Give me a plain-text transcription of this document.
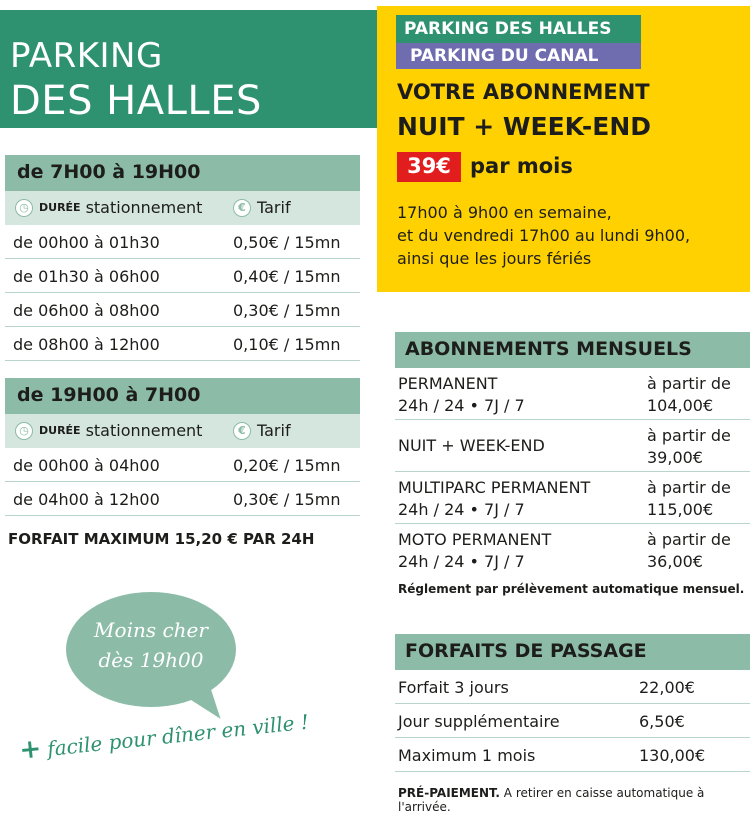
PARKING
DES HALLES
de 7H00 à 19H00
◷ DURÉE stationnement	€ Tarif
de 00h00 à 01h30	0,50€ / 15mn
de 01h30 à 06h00	0,40€ / 15mn
de 06h00 à 08h00	0,30€ / 15mn
de 08h00 à 12h00	0,10€ / 15mn
de 19H00 à 7H00
◷ DURÉE stationnement	€ Tarif
de 00h00 à 04h00	0,20€ / 15mn
de 04h00 à 12h00	0,30€ / 15mn
FORFAIT MAXIMUM 15,20 € PAR 24H
Moins cher
dès 19h00
+ facile pour dîner en ville !
PARKING DES HALLES
PARKING DU CANAL
VOTRE ABONNEMENT
NUIT + WEEK-END
39€ par mois
17h00 à 9h00 en semaine,
et du vendredi 17h00 au lundi 9h00,
ainsi que les jours fériés
ABONNEMENTS MENSUELS
PERMANENT
24h / 24 • 7J / 7
à partir de
104,00€
NUIT + WEEK-END
à partir de
39,00€
MULTIPARC PERMANENT
24h / 24 • 7J / 7
à partir de
115,00€
MOTO PERMANENT
24h / 24 • 7J / 7
à partir de
36,00€
Réglement par prélèvement automatique mensuel.
FORFAITS DE PASSAGE
Forfait 3 jours	22,00€
Jour supplémentaire	6,50€
Maximum 1 mois	130,00€
PRÉ-PAIEMENT. A retirer en caisse automatique à l'arrivée.
